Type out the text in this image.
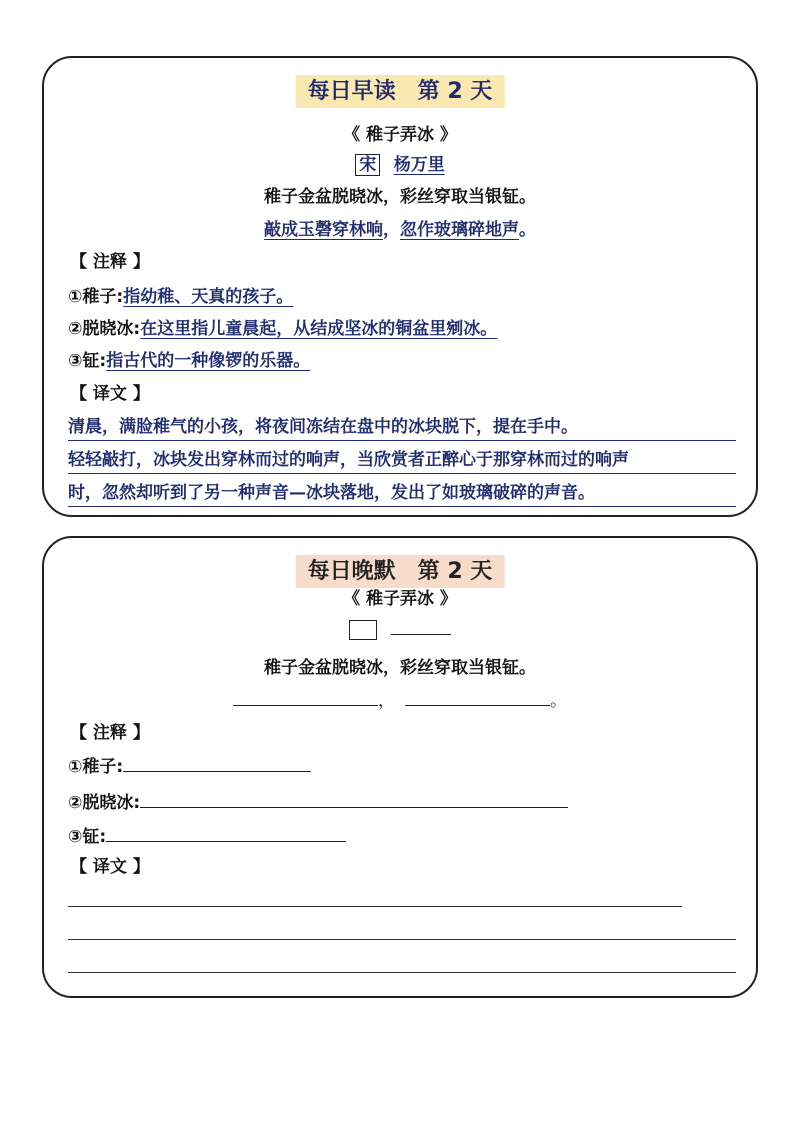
每日早读　第 2 天
《 稚子弄冰 》
宋 杨万里
稚子金盆脱晓冰，彩丝穿取当银钲。
敲成玉磬穿林响，忽作玻璃碎地声。
【 注释 】
①稚子:指幼稚、天真的孩子。
②脱晓冰:在这里指儿童晨起，从结成坚冰的铜盆里剜冰。
③钲:指古代的一种像锣的乐器。
【 译文 】
清晨，满脸稚气的小孩，将夜间冻结在盘中的冰块脱下，提在手中。
轻轻敲打，冰块发出穿林而过的响声，当欣赏者正醉心于那穿林而过的响声
时，忽然却听到了另一种声音—冰块落地，发出了如玻璃破碎的声音。
每日晚默　第 2 天
《 稚子弄冰 》

稚子金盆脱晓冰，彩丝穿取当银钲。
，	。
【 注释 】
①稚子:
②脱晓冰:
③钲:
【 译文 】
